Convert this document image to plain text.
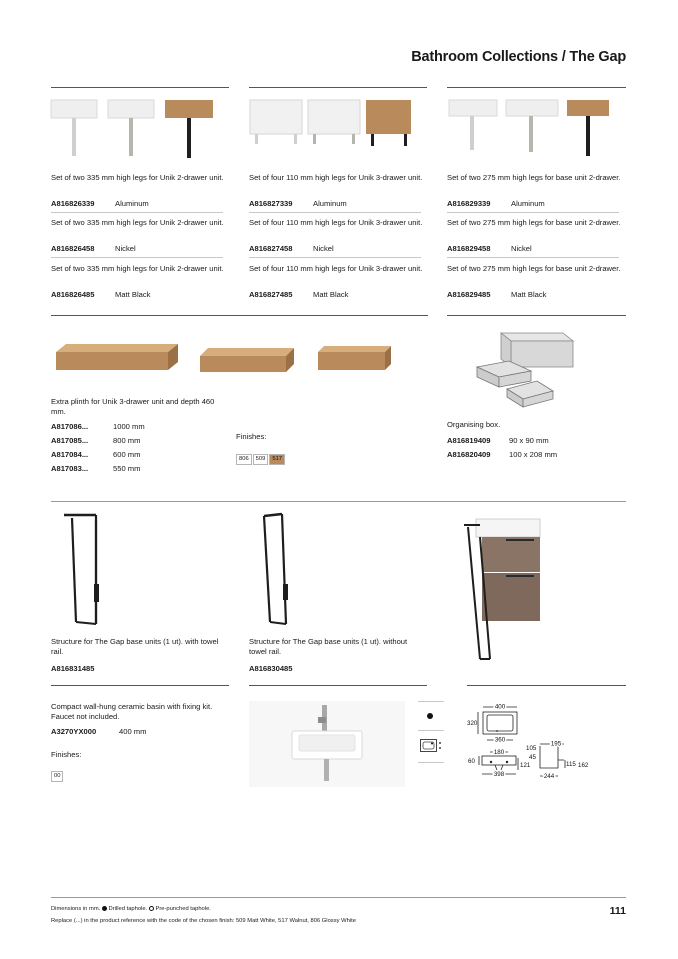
Bathroom Collections / The Gap
Set of two 335 mm high legs for Unik 2-drawer unit.
A816826339	Aluminum
Set of two 335 mm high legs for Unik 2-drawer unit.
A816826458	Nickel
Set of two 335 mm high legs for Unik 2-drawer unit.
A816826485	Matt Black
Set of four 110 mm high legs for Unik 3-drawer unit.
A816827339	Aluminum
Set of four 110 mm high legs for Unik 3-drawer unit.
A816827458	Nickel
Set of four 110 mm high legs for Unik 3-drawer unit.
A816827485	Matt Black
Set of two 275 mm high legs for base unit 2-drawer.
A816829339	Aluminum
Set of two 275 mm high legs for base unit 2-drawer.
A816829458	Nickel
Set of two 275 mm high legs for base unit 2-drawer.
A816829485	Matt Black
Extra plinth for Unik 3-drawer unit and depth 460 mm.
A817086...	1000 mm
A817085...	800 mm
A817084...	600 mm
A817083...	550 mm
Finishes:
806 509 517
Organising box.
A816819409 90 x 90 mm
A816820409 100 x 208 mm
Structure for The Gap base units (1 ut). with towel rail.
A816831485
Structure for The Gap base units (1 ut). without towel rail.
A816830485
Compact wall-hung ceramic basin with fixing kit. Faucet not included.
A3270YX000	400 mm
Finishes:
00
400
320
360
180
60
121
398
195
105
45
115 162
244
Dimensions in mm. Drilled taphole. Pre-punched taphole.
Replace (...) in the product reference with the code of the chosen finish: 509 Matt White, 517 Walnut, 806 Glossy White
111
